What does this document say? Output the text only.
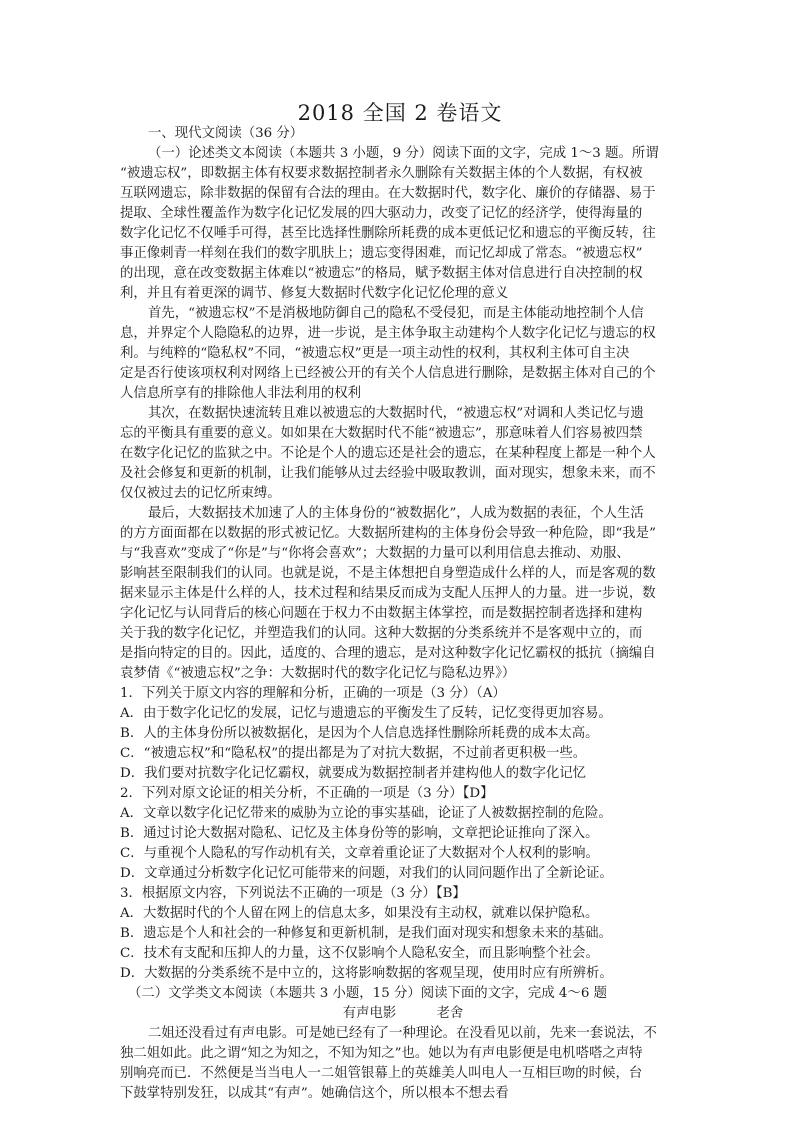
2018 全国 2 卷语文
一、现代文阅读（36 分）
（一）论述类文本阅读（本题共 3 小题，9 分）阅读下面的文字，完成 1～3 题。所谓
“被遗忘权”，即数据主体有权要求数据控制者永久删除有关数据主体的个人数据，有权被
互联网遗忘，除非数据的保留有合法的理由。在大数据时代，数字化、廉价的存储器、易于
提取、全球性覆盖作为数字化记忆发展的四大驱动力，改变了记忆的经济学，使得海量的
数字化记忆不仅唾手可得，甚至比选择性删除所耗费的成本更低记忆和遗忘的平衡反转，往
事正像刺青一样刻在我们的数字肌肤上；遗忘变得困难，而记忆却成了常态。“被遗忘权”
的出现，意在改变数据主体难以“被遗忘”的格局，赋予数据主体对信息进行自决控制的权
利，并且有着更深的调节、修复大数据时代数字化记忆伦理的意义
首先，“被遗忘权”不是消极地防御自己的隐私不受侵犯，而是主体能动地控制个人信
息，并界定个人隐隐私的边界，进一步说，是主体争取主动建构个人数字化记忆与遗忘的权
利。与纯粹的“隐私权”不同，“被遗忘权”更是一项主动性的权利，其权利主体可自主决
定是否行使该项权利对网络上已经被公开的有关个人信息进行删除，是数据主体对自己的个
人信息所享有的排除他人非法利用的权利
其次，在数据快速流转且难以被遗忘的大数据时代，“被遗忘权”对调和人类记忆与遗
忘的平衡具有重要的意义。如如果在大数据时代不能“被遗忘”，那意味着人们容易被四禁
在数字化记忆的监狱之中。不论是个人的遗忘还是社会的遗忘，在某种程度上都是一种个人
及社会修复和更新的机制，让我们能够从过去经验中吸取教训，面对现实，想象未来，而不
仅仅被过去的记忆所束缚。
最后，大数据技术加速了人的主体身份的“被数据化”，人成为数据的表征，个人生活
的方方面面都在以数据的形式被记忆。大数据所建构的主体身份会导致一种危险，即“我是”
与“我喜欢”变成了“你是”与“你将会喜欢”；大数据的力量可以利用信息去推动、劝服、
影响甚至限制我们的认同。也就是说，不是主体想把自身塑造成什么样的人，而是客观的数
据来显示主体是什么样的人，技术过程和结果反而成为支配人压押人的力量。进一步说，数
字化记忆与认同背后的核心问题在于权力不由数据主体掌控，而是数据控制者选择和建构
关于我的数字化记忆，并塑造我们的认同。这种大数据的分类系统并不是客观中立的，而
是指向特定的目的。因此，适度的、合理的遗忘，是对这种数字化记忆霸权的抵抗（摘编自
袁梦倩《“被遗忘权”之争：大数据时代的数字化记忆与隐私边界》）
1．下列关于原文内容的理解和分析，正确的一项是（3 分）（A）
A．由于数字化记忆的发展，记忆与遗遗忘的平衡发生了反转，记忆变得更加容易。
B．人的主体身份所以被数据化，是因为个人信息选择性删除所耗费的成本太高。
C．“被遗忘权”和“隐私权”的提出都是为了对抗大数据，不过前者更积极一些。
D．我们要对抗数字化记忆霸权，就要成为数据控制者并建构他人的数字化记忆
2．下列对原文论证的相关分析，不正确的一项是（3 分）【D】
A．文章以数字化记忆带来的威胁为立论的事实基础，论证了人被数据控制的危险。
B．通过讨论大数据对隐私、记忆及主体身份等的影响，文章把论证推向了深入。
C．与重视个人隐私的写作动机有关，文章着重论证了大数据对个人权利的影响。
D．文章通过分析数字化记忆可能带来的问题，对我们的认同问题作出了全新论证。
3．根据原文内容，下列说法不正确的一项是（3 分）【B】
A．大数据时代的个人留在网上的信息太多，如果没有主动权，就难以保护隐私。
B．遗忘是个人和社会的一种修复和更新机制，是我们面对现实和想象未来的基础。
C．技术有支配和压抑人的力量，这不仅影响个人隐私安全，而且影响整个社会。
D．大数据的分类系统不是中立的，这将影响数据的客观呈现，使用时应有所辨析。
（二）文学类文本阅读（本题共 3 小题，15 分）阅读下面的文字，完成 4～6 题
有声电影　　　老舍
二姐还没看过有声电影。可是她已经有了一种理论。在没看见以前，先来一套说法，不
独二姐如此。此之谓“知之为知之，不知为知之”也。她以为有声电影便是电机嗒嗒之声特
别响亮而已．不然便是当当电人一二姐管银幕上的英雄美人叫电人一互相巨吻的时候，台
下鼓掌特别发狂，以成其“有声”。她确信这个，所以根本不想去看
